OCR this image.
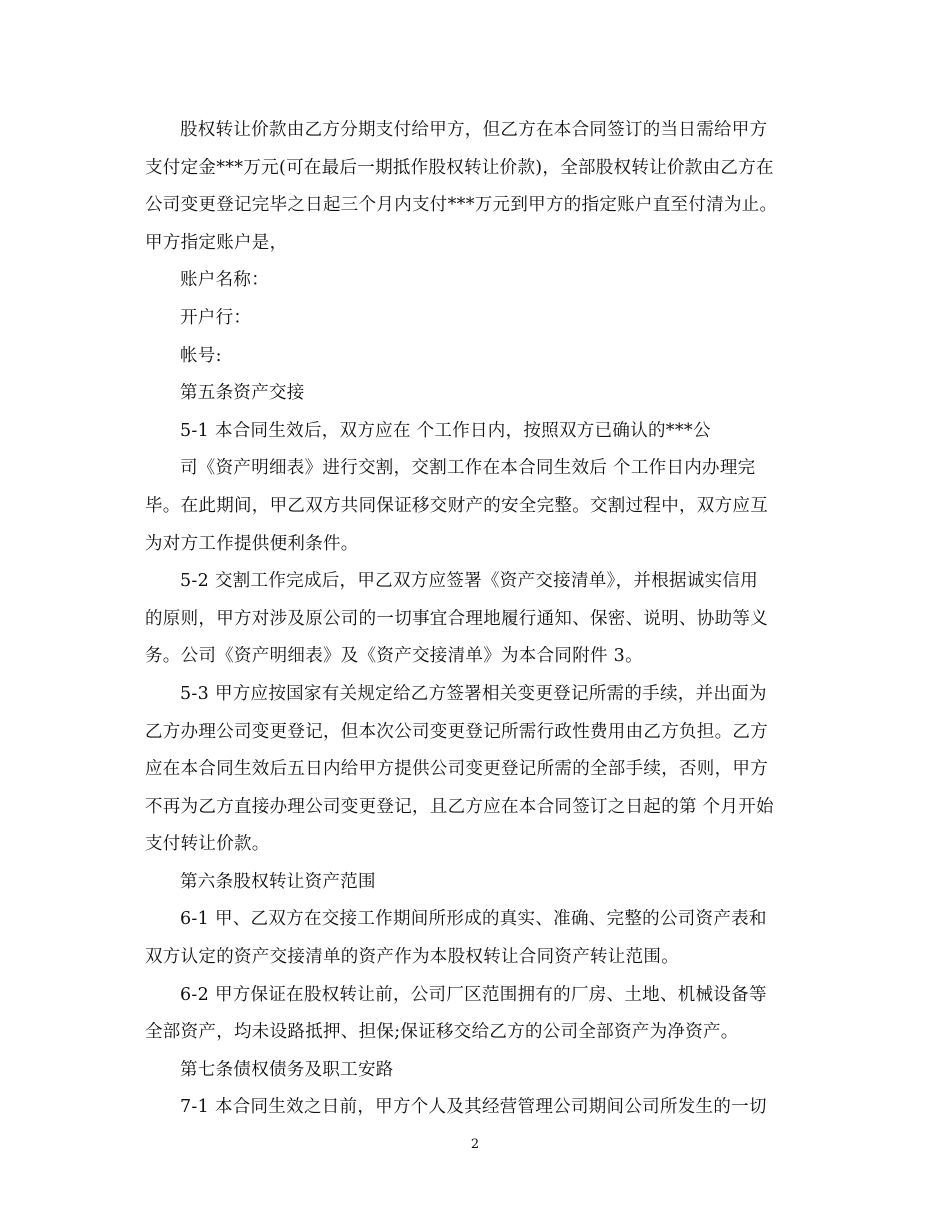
股权转让价款由乙方分期支付给甲方，但乙方在本合同签订的当日需给甲方
支付定金***万元(可在最后一期抵作股权转让价款)，全部股权转让价款由乙方在
公司变更登记完毕之日起三个月内支付***万元到甲方的指定账户直至付清为止。
甲方指定账户是，
账户名称：
开户行：
帐号:
第五条资产交接
5-1 本合同生效后，双方应在 个工作日内，按照双方已确认的***公
司《资产明细表》进行交割，交割工作在本合同生效后 个工作日内办理完
毕。在此期间，甲乙双方共同保证移交财产的安全完整。交割过程中，双方应互
为对方工作提供便利条件。
5-2 交割工作完成后，甲乙双方应签署《资产交接清单》，并根据诚实信用
的原则，甲方对涉及原公司的一切事宜合理地履行通知、保密、说明、协助等义
务。公司《资产明细表》及《资产交接清单》为本合同附件 3。
5-3 甲方应按国家有关规定给乙方签署相关变更登记所需的手续，并出面为
乙方办理公司变更登记，但本次公司变更登记所需行政性费用由乙方负担。乙方
应在本合同生效后五日内给甲方提供公司变更登记所需的全部手续，否则，甲方
不再为乙方直接办理公司变更登记，且乙方应在本合同签订之日起的第 个月开始
支付转让价款。
第六条股权转让资产范围
6-1 甲、乙双方在交接工作期间所形成的真实、准确、完整的公司资产表和
双方认定的资产交接清单的资产作为本股权转让合同资产转让范围。
6-2 甲方保证在股权转让前，公司厂区范围拥有的厂房、土地、机械设备等
全部资产，均未设路抵押、担保;保证移交给乙方的公司全部资产为净资产。
第七条债权债务及职工安路
7-1 本合同生效之日前，甲方个人及其经营管理公司期间公司所发生的一切
2
